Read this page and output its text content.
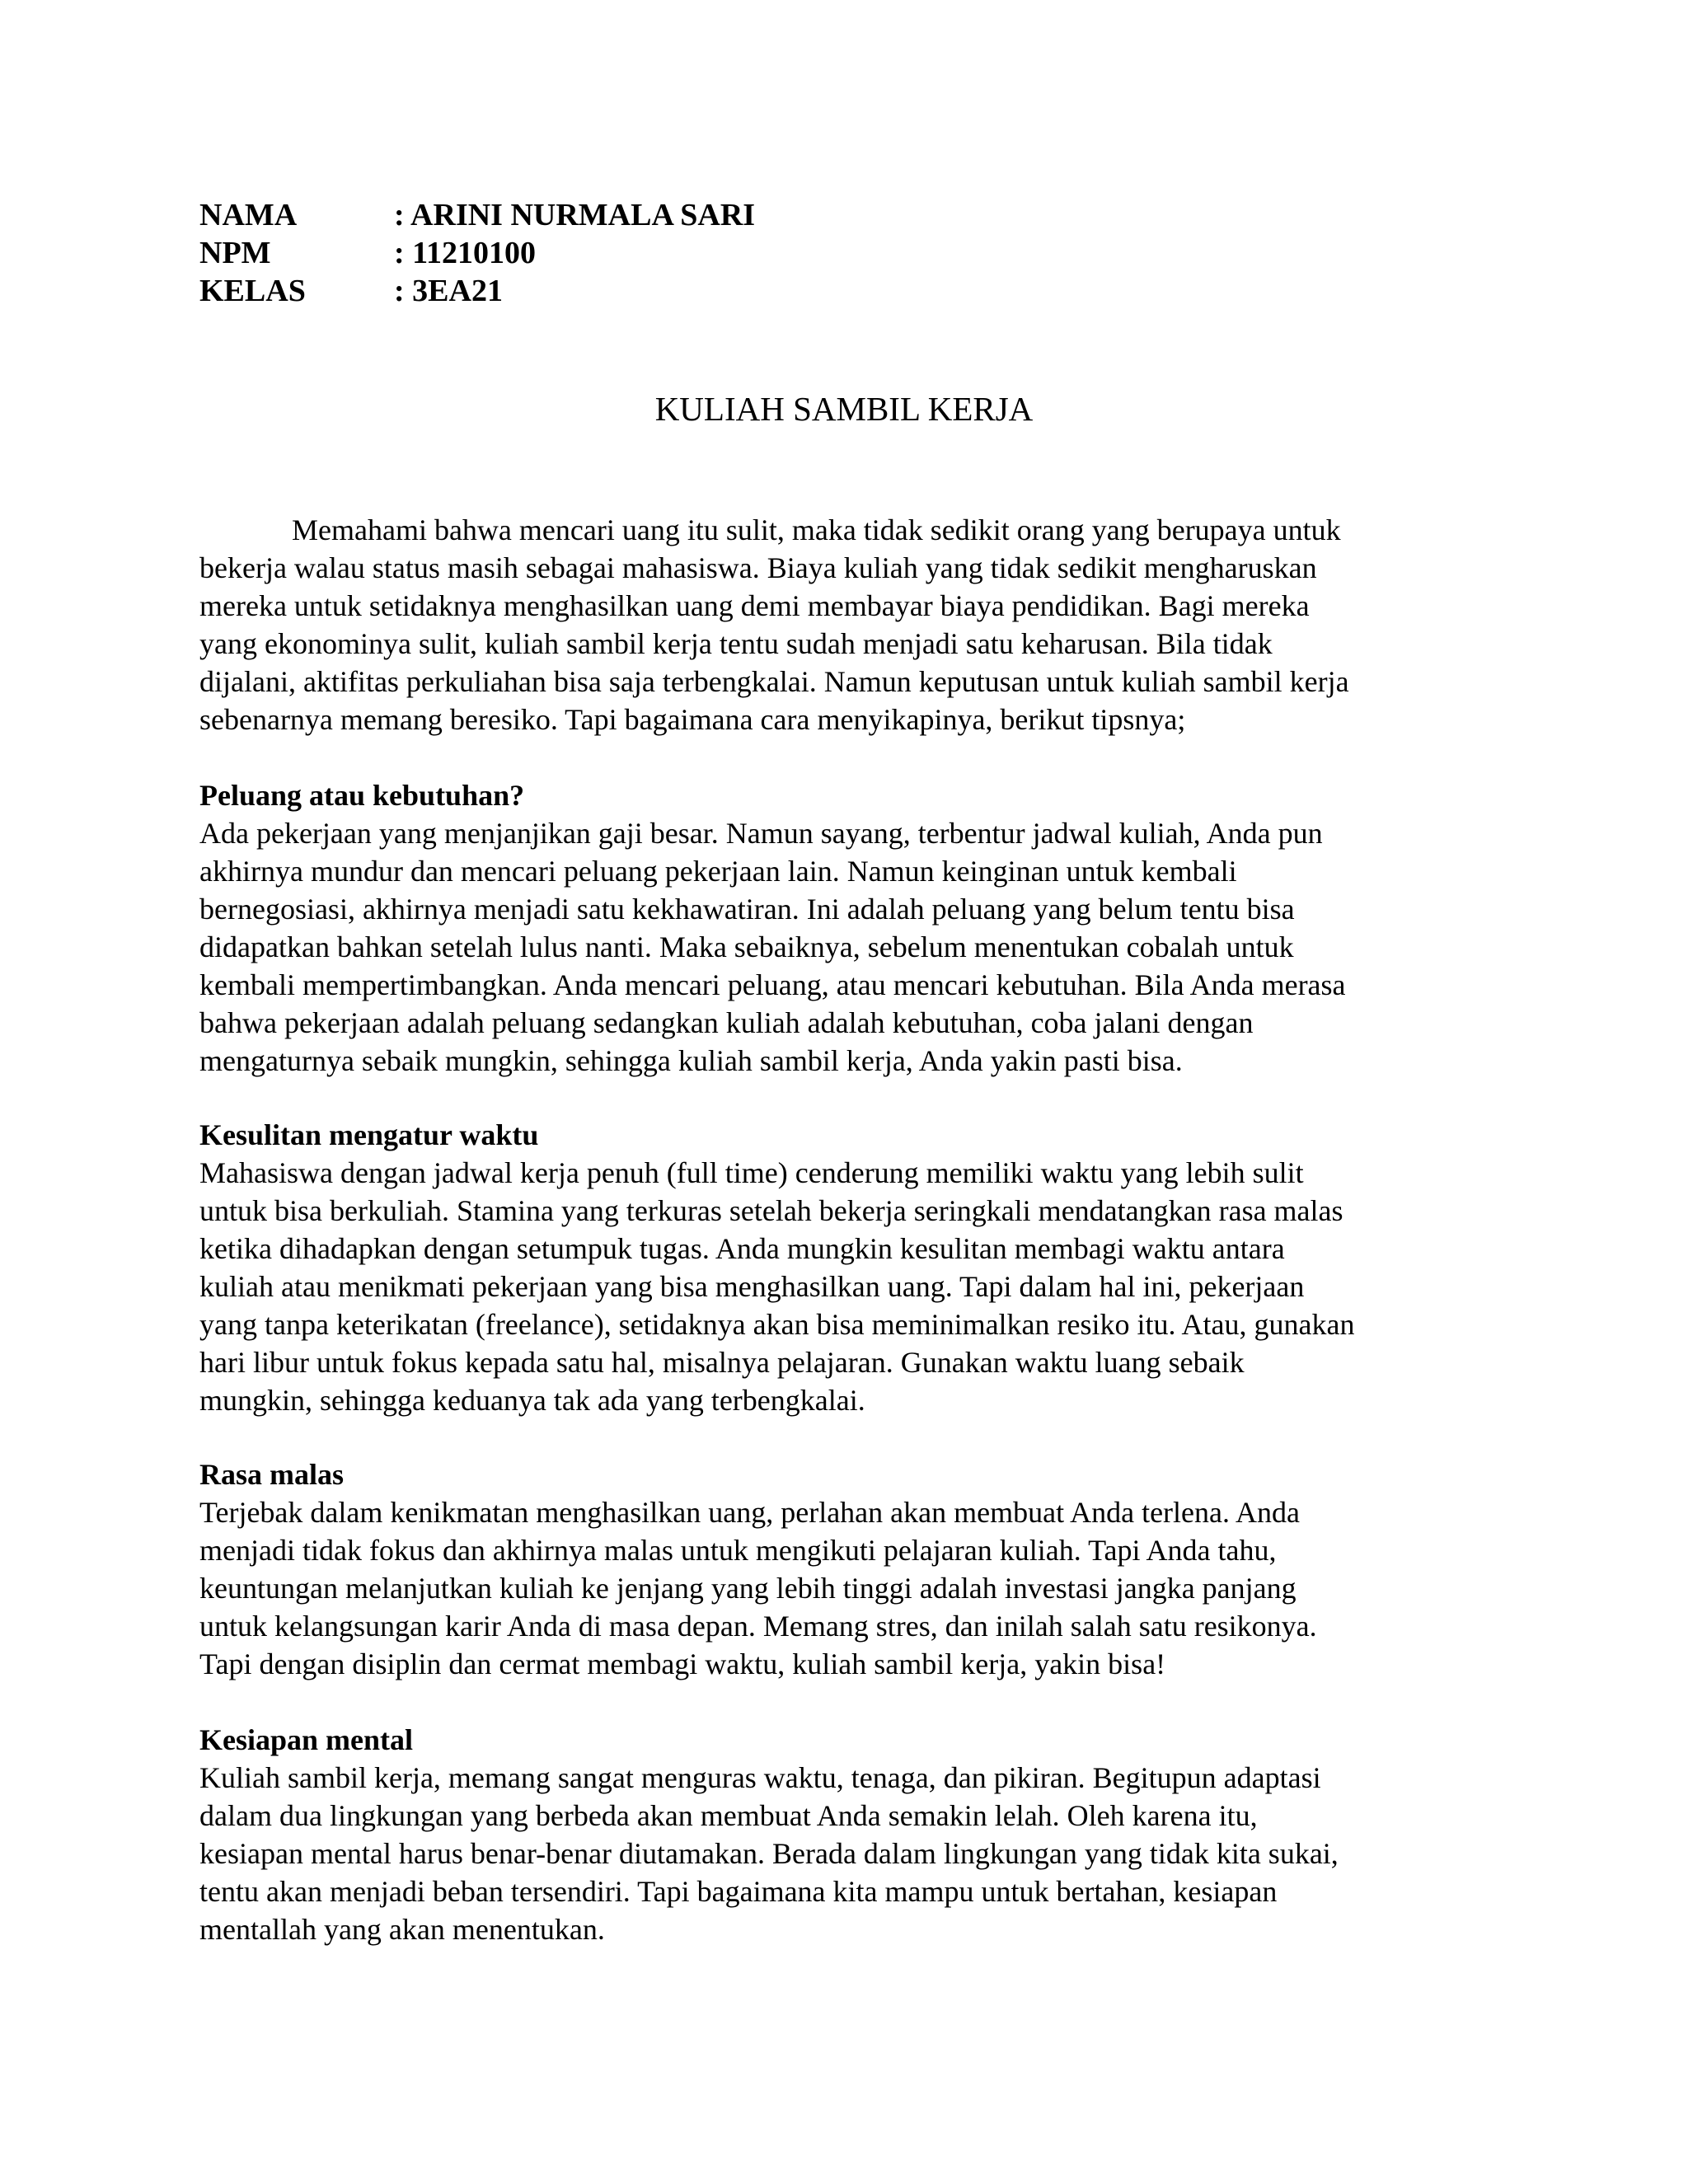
NAMA	: ARINI NURMALA SARI
NPM	: 11210100
KELAS	: 3EA21
KULIAH SAMBIL KERJA
Memahami bahwa mencari uang itu sulit, maka tidak sedikit orang yang berupaya untuk
bekerja walau status masih sebagai mahasiswa. Biaya kuliah yang tidak sedikit mengharuskan
mereka untuk setidaknya menghasilkan uang demi membayar biaya pendidikan. Bagi mereka
yang ekonominya sulit, kuliah sambil kerja tentu sudah menjadi satu keharusan. Bila tidak
dijalani, aktifitas perkuliahan bisa saja terbengkalai. Namun keputusan untuk kuliah sambil kerja
sebenarnya memang beresiko. Tapi bagaimana cara menyikapinya, berikut tipsnya;
Peluang atau kebutuhan?
Ada pekerjaan yang menjanjikan gaji besar. Namun sayang, terbentur jadwal kuliah, Anda pun
akhirnya mundur dan mencari peluang pekerjaan lain. Namun keinginan untuk kembali
bernegosiasi, akhirnya menjadi satu kekhawatiran. Ini adalah peluang yang belum tentu bisa
didapatkan bahkan setelah lulus nanti. Maka sebaiknya, sebelum menentukan cobalah untuk
kembali mempertimbangkan. Anda mencari peluang, atau mencari kebutuhan. Bila Anda merasa
bahwa pekerjaan adalah peluang sedangkan kuliah adalah kebutuhan, coba jalani dengan
mengaturnya sebaik mungkin, sehingga kuliah sambil kerja, Anda yakin pasti bisa.
Kesulitan mengatur waktu
Mahasiswa dengan jadwal kerja penuh (full time) cenderung memiliki waktu yang lebih sulit
untuk bisa berkuliah. Stamina yang terkuras setelah bekerja seringkali mendatangkan rasa malas
ketika dihadapkan dengan setumpuk tugas. Anda mungkin kesulitan membagi waktu antara
kuliah atau menikmati pekerjaan yang bisa menghasilkan uang. Tapi dalam hal ini, pekerjaan
yang tanpa keterikatan (freelance), setidaknya akan bisa meminimalkan resiko itu. Atau, gunakan
hari libur untuk fokus kepada satu hal, misalnya pelajaran. Gunakan waktu luang sebaik
mungkin, sehingga keduanya tak ada yang terbengkalai.
Rasa malas
Terjebak dalam kenikmatan menghasilkan uang, perlahan akan membuat Anda terlena. Anda
menjadi tidak fokus dan akhirnya malas untuk mengikuti pelajaran kuliah. Tapi Anda tahu,
keuntungan melanjutkan kuliah ke jenjang yang lebih tinggi adalah investasi jangka panjang
untuk kelangsungan karir Anda di masa depan. Memang stres, dan inilah salah satu resikonya.
Tapi dengan disiplin dan cermat membagi waktu, kuliah sambil kerja, yakin bisa!
Kesiapan mental
Kuliah sambil kerja, memang sangat menguras waktu, tenaga, dan pikiran. Begitupun adaptasi
dalam dua lingkungan yang berbeda akan membuat Anda semakin lelah. Oleh karena itu,
kesiapan mental harus benar-benar diutamakan. Berada dalam lingkungan yang tidak kita sukai,
tentu akan menjadi beban tersendiri. Tapi bagaimana kita mampu untuk bertahan, kesiapan
mentallah yang akan menentukan.
